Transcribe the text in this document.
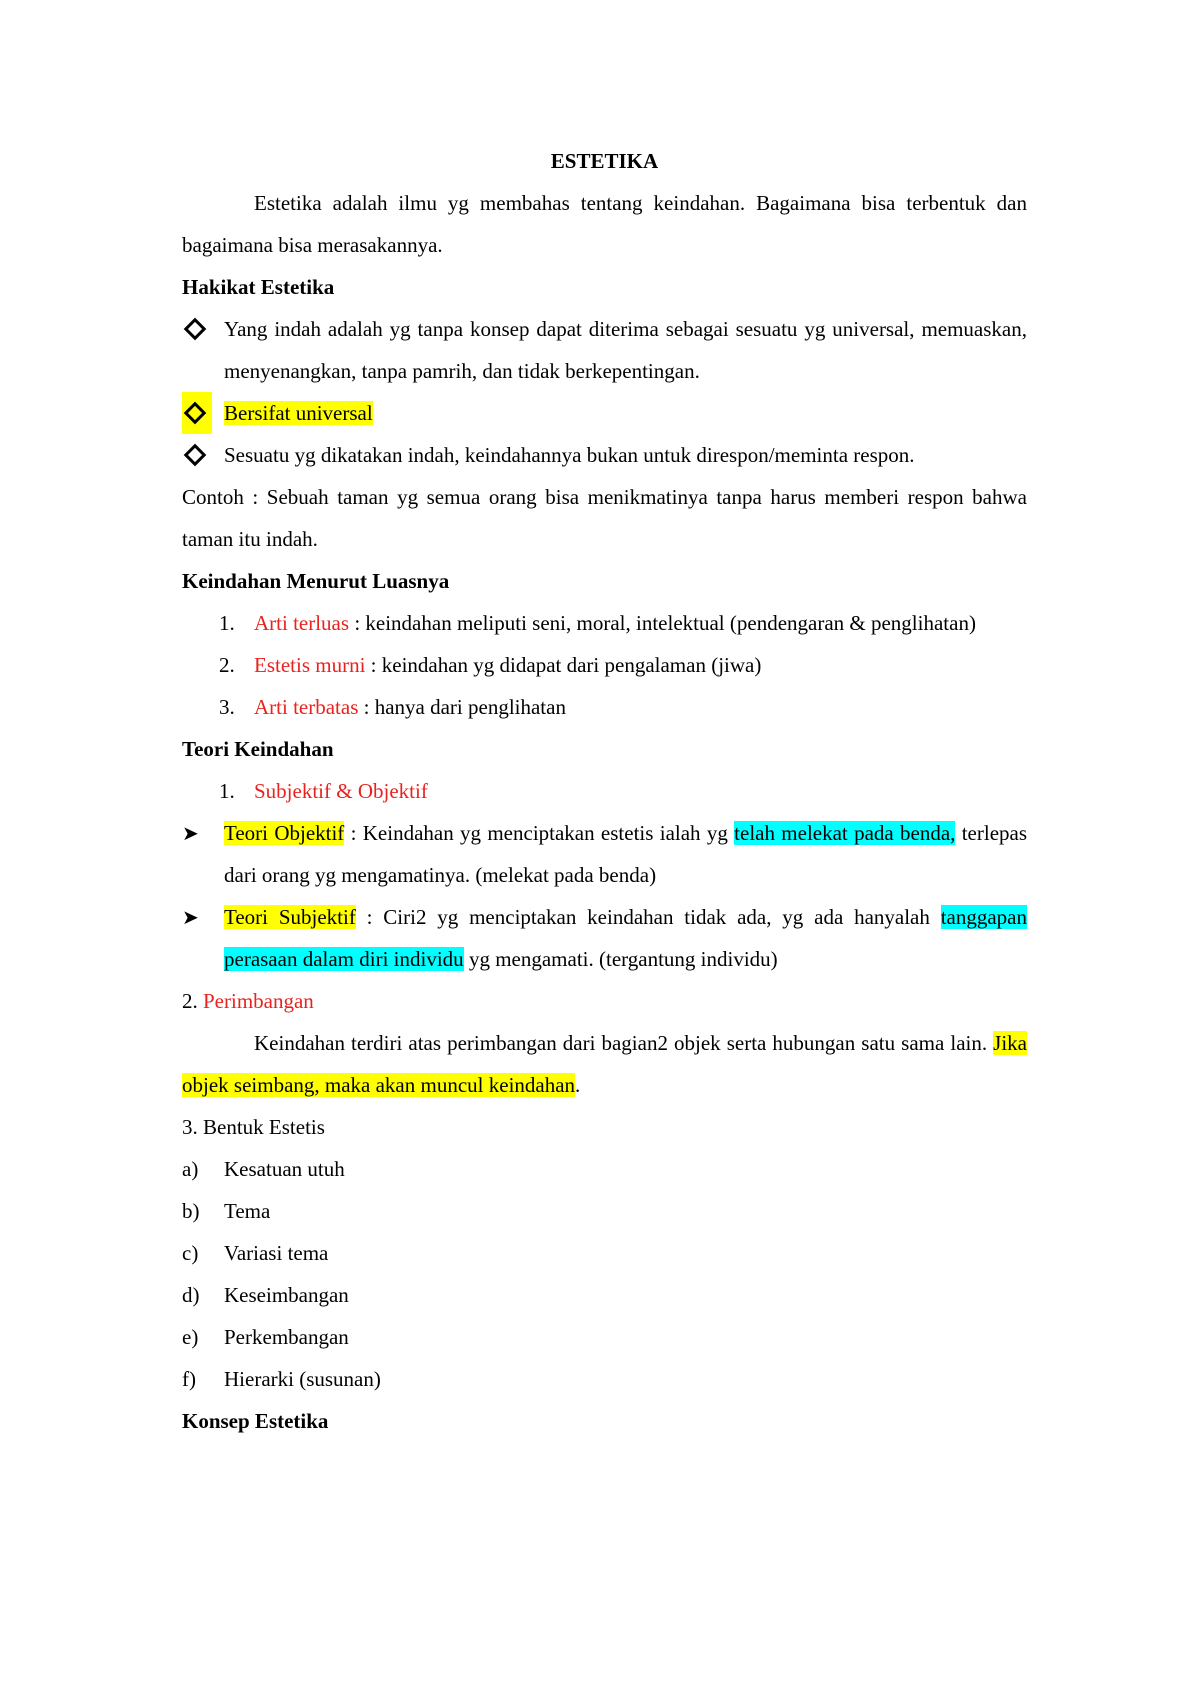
ESTETIKA

Estetika adalah ilmu yg membahas tentang keindahan. Bagaimana bisa terbentuk dan bagaimana bisa merasakannya.

Hakikat Estetika

Yang indah adalah yg tanpa konsep dapat diterima sebagai sesuatu yg universal, memuaskan, menyenangkan, tanpa pamrih, dan tidak berkepentingan.

Bersifat universal
Sesuatu yg dikatakan indah, keindahannya bukan untuk direspon/meminta respon.

Contoh : Sebuah taman yg semua orang bisa menikmatinya tanpa harus memberi respon bahwa taman itu indah.

Keindahan Menurut Luasnya

1. Arti terluas : keindahan meliputi seni, moral, intelektual (pendengaran & penglihatan)
2. Estetis murni : keindahan yg didapat dari pengalaman (jiwa)
3. Arti terbatas : hanya dari penglihatan

Teori Keindahan

1. Subjektif & Objektif
➤	Teori Objektif : Keindahan yg menciptakan estetis ialah yg telah melekat pada benda, terlepas dari orang yg mengamatinya. (melekat pada benda)
➤	Teori Subjektif : Ciri2 yg menciptakan keindahan tidak ada, yg ada hanyalah tanggapan perasaan dalam diri individu yg mengamati. (tergantung individu)

2. Perimbangan

Keindahan terdiri atas perimbangan dari bagian2 objek serta hubungan satu sama lain. Jika objek seimbang, maka akan muncul keindahan.

3. Bentuk Estetis

a) Kesatuan utuh
b) Tema
c) Variasi tema
d) Keseimbangan
e) Perkembangan
f) Hierarki (susunan)

Konsep Estetika
